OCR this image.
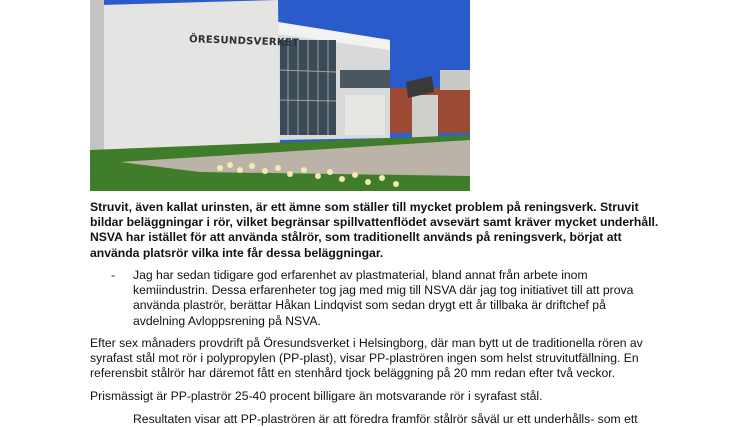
ÖRESUNDSVERKET

Struvit, även kallat urinsten, är ett ämne som ställer till mycket problem på reningsverk. Struvit bildar beläggningar i rör, vilket begränsar spillvattenflödet avsevärt samt kräver mycket underhåll. NSVA har istället för att använda stålrör, som traditionellt används på reningsverk, börjat att använda platsrör vilka inte får dessa beläggningar.

- Jag har sedan tidigare god erfarenhet av plastmaterial, bland annat från arbete inom kemiindustrin. Dessa erfarenheter tog jag med mig till NSVA där jag tog initiativet till att prova använda plaströr, berättar Håkan Lindqvist som sedan drygt ett år tillbaka är driftchef på avdelning Avloppsrening på NSVA.

Efter sex månaders provdrift på Öresundsverket i Helsingborg, där man bytt ut de traditionella rören av syrafast stål mot rör i polypropylen (PP-plast), visar PP-plaströren ingen som helst struvitutfällning. En referensbit stålrör har däremot fått en stenhård tjock beläggning på 20 mm redan efter två veckor.

Prismässigt är PP-plaströr 25-40 procent billigare än motsvarande rör i syrafast stål.

Resultaten visar att PP-plaströren är att föredra framför stålrör såväl ur ett underhålls- som ett
